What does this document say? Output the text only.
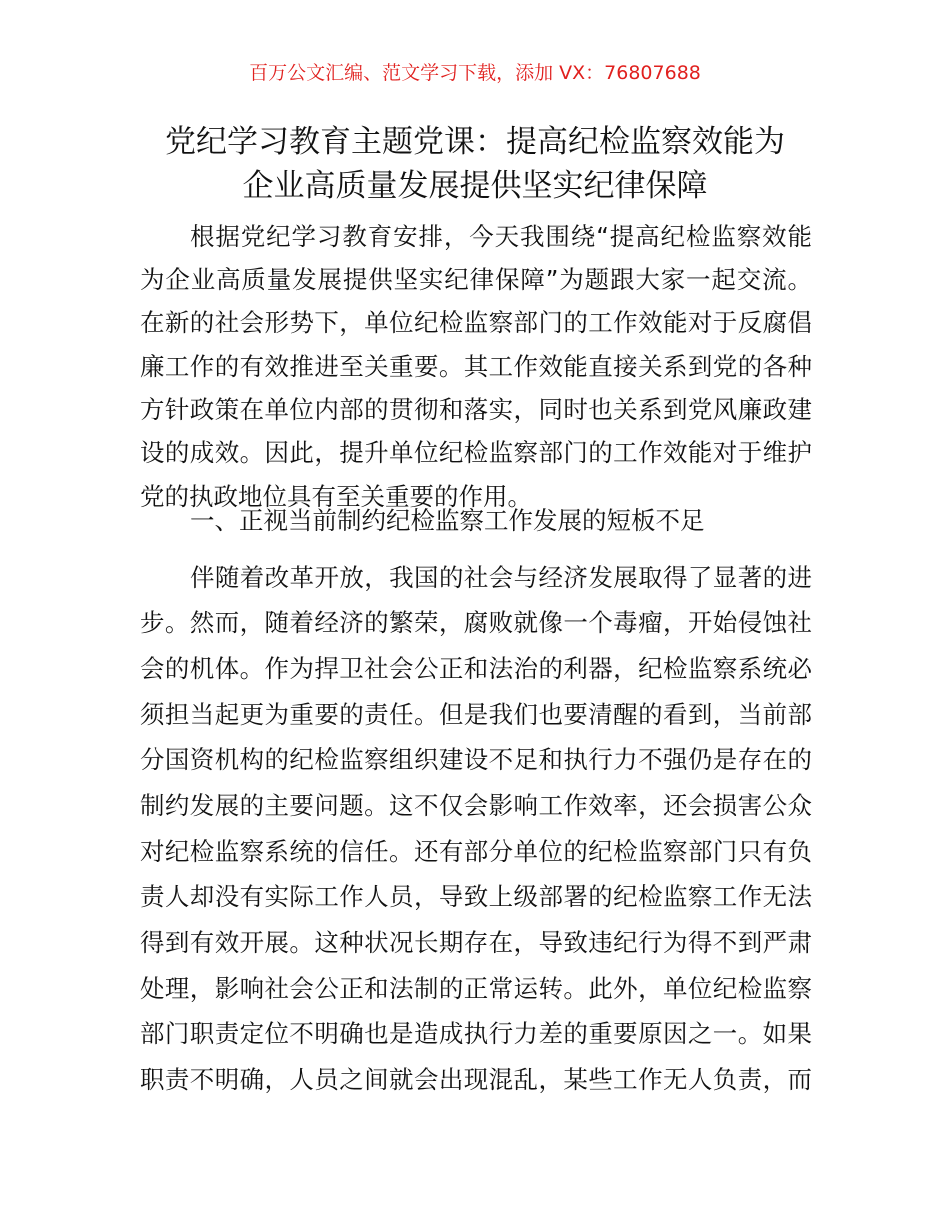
百万公文汇编、范文学习下载，添加 VX：76807688
党纪学习教育主题党课：提高纪检监察效能为
企业高质量发展提供坚实纪律保障
根据党纪学习教育安排，今天我围绕“提高纪检监察效能
为企业高质量发展提供坚实纪律保障”为题跟大家一起交流。
在新的社会形势下，单位纪检监察部门的工作效能对于反腐倡
廉工作的有效推进至关重要。其工作效能直接关系到党的各种
方针政策在单位内部的贯彻和落实，同时也关系到党风廉政建
设的成效。因此，提升单位纪检监察部门的工作效能对于维护
党的执政地位具有至关重要的作用。
一、正视当前制约纪检监察工作发展的短板不足
伴随着改革开放，我国的社会与经济发展取得了显著的进
步。然而，随着经济的繁荣，腐败就像一个毒瘤，开始侵蚀社
会的机体。作为捍卫社会公正和法治的利器，纪检监察系统必
须担当起更为重要的责任。但是我们也要清醒的看到，当前部
分国资机构的纪检监察组织建设不足和执行力不强仍是存在的
制约发展的主要问题。这不仅会影响工作效率，还会损害公众
对纪检监察系统的信任。还有部分单位的纪检监察部门只有负
责人却没有实际工作人员，导致上级部署的纪检监察工作无法
得到有效开展。这种状况长期存在，导致违纪行为得不到严肃
处理，影响社会公正和法制的正常运转。此外，单位纪检监察
部门职责定位不明确也是造成执行力差的重要原因之一。如果
职责不明确，人员之间就会出现混乱，某些工作无人负责，而
